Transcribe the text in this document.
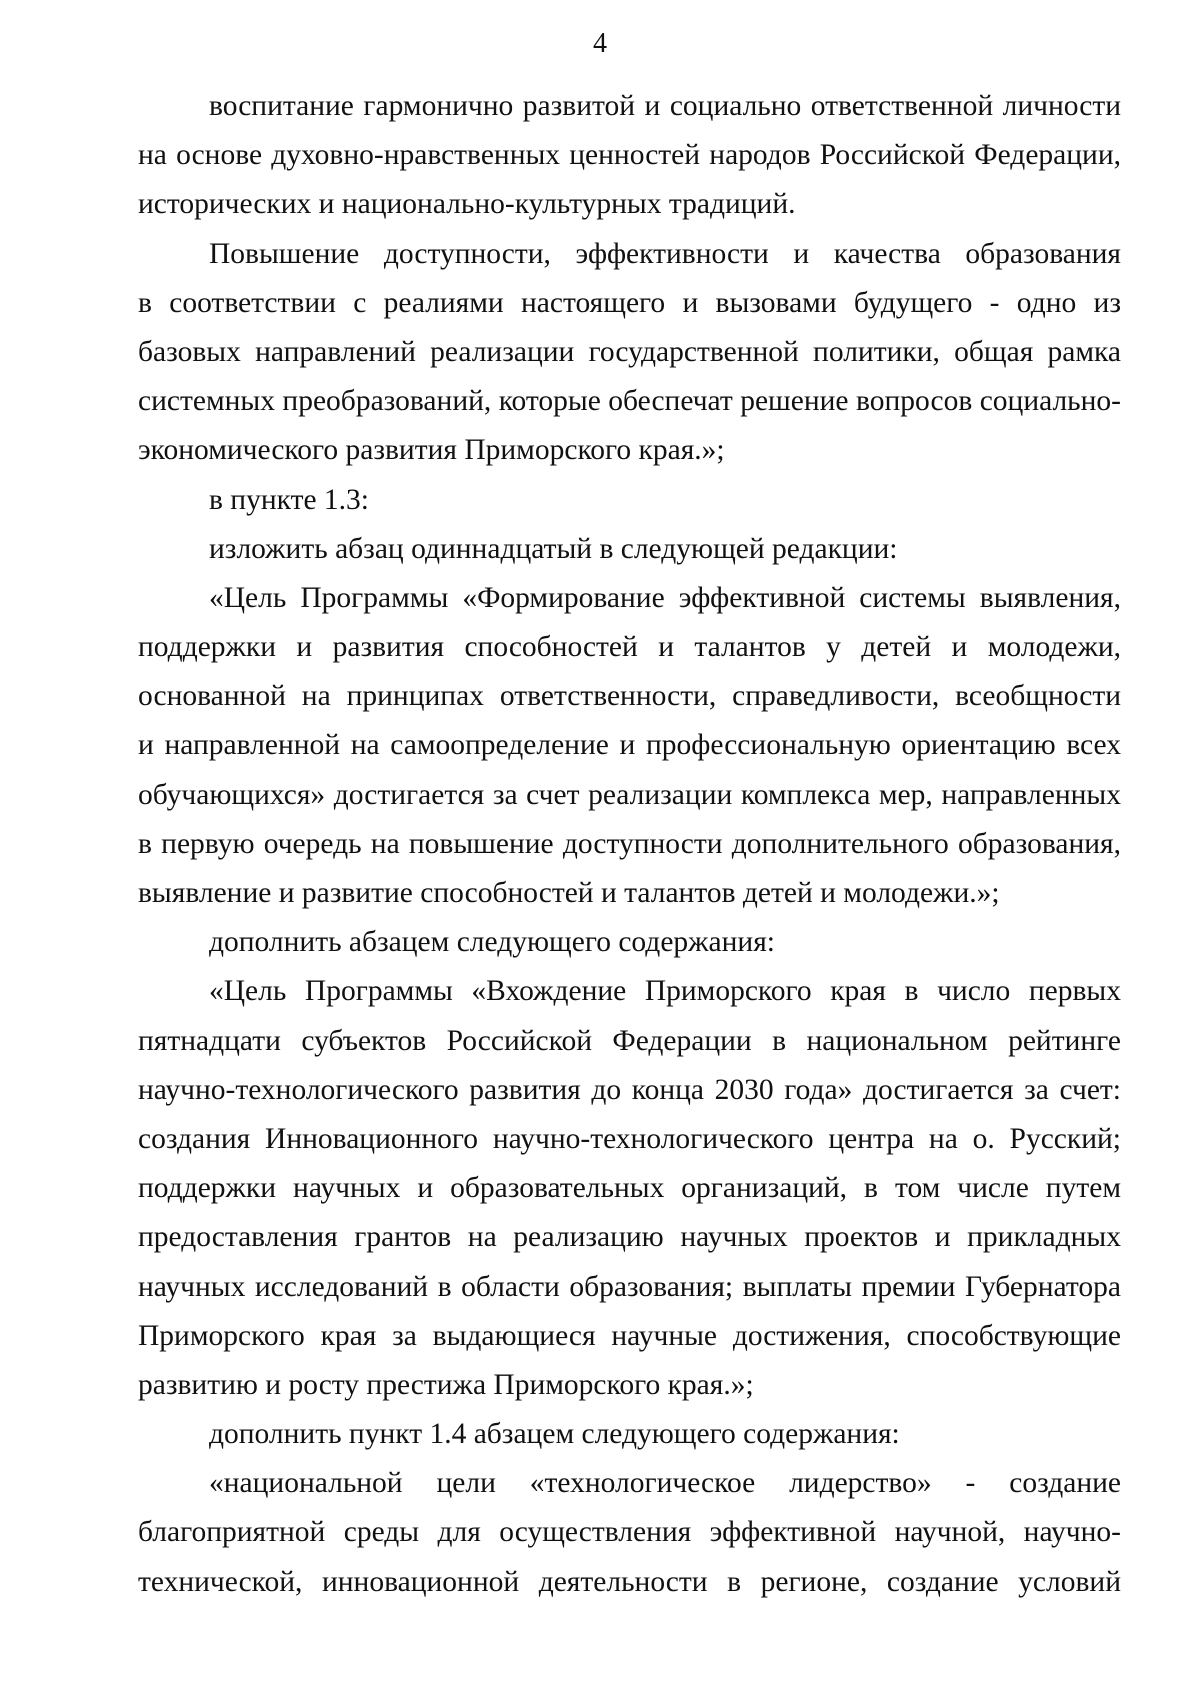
4
воспитание гармонично развитой и социально ответственной личности
на основе духовно-нравственных ценностей народов Российской Федерации,
исторических и национально-культурных традиций.
Повышение доступности, эффективности и качества образования
в соответствии с реалиями настоящего и вызовами будущего - одно из
базовых направлений реализации государственной политики, общая рамка
системных преобразований, которые обеспечат решение вопросов социально-
экономического развития Приморского края.»;
в пункте 1.3:
изложить абзац одиннадцатый в следующей редакции:
«Цель Программы «Формирование эффективной системы выявления,
поддержки и развития способностей и талантов у детей и молодежи,
основанной на принципах ответственности, справедливости, всеобщности
и направленной на самоопределение и профессиональную ориентацию всех
обучающихся» достигается за счет реализации комплекса мер, направленных
в первую очередь на повышение доступности дополнительного образования,
выявление и развитие способностей и талантов детей и молодежи.»;
дополнить абзацем следующего содержания:
«Цель Программы «Вхождение Приморского края в число первых
пятнадцати субъектов Российской Федерации в национальном рейтинге
научно-технологического развития до конца 2030 года» достигается за счет:
создания Инновационного научно-технологического центра на о. Русский;
поддержки научных и образовательных организаций, в том числе путем
предоставления грантов на реализацию научных проектов и прикладных
научных исследований в области образования; выплаты премии Губернатора
Приморского края за выдающиеся научные достижения, способствующие
развитию и росту престижа Приморского края.»;
дополнить пункт 1.4 абзацем следующего содержания:
«национальной цели «технологическое лидерство» - создание
благоприятной среды для осуществления эффективной научной, научно-
технической, инновационной деятельности в регионе, создание условий
